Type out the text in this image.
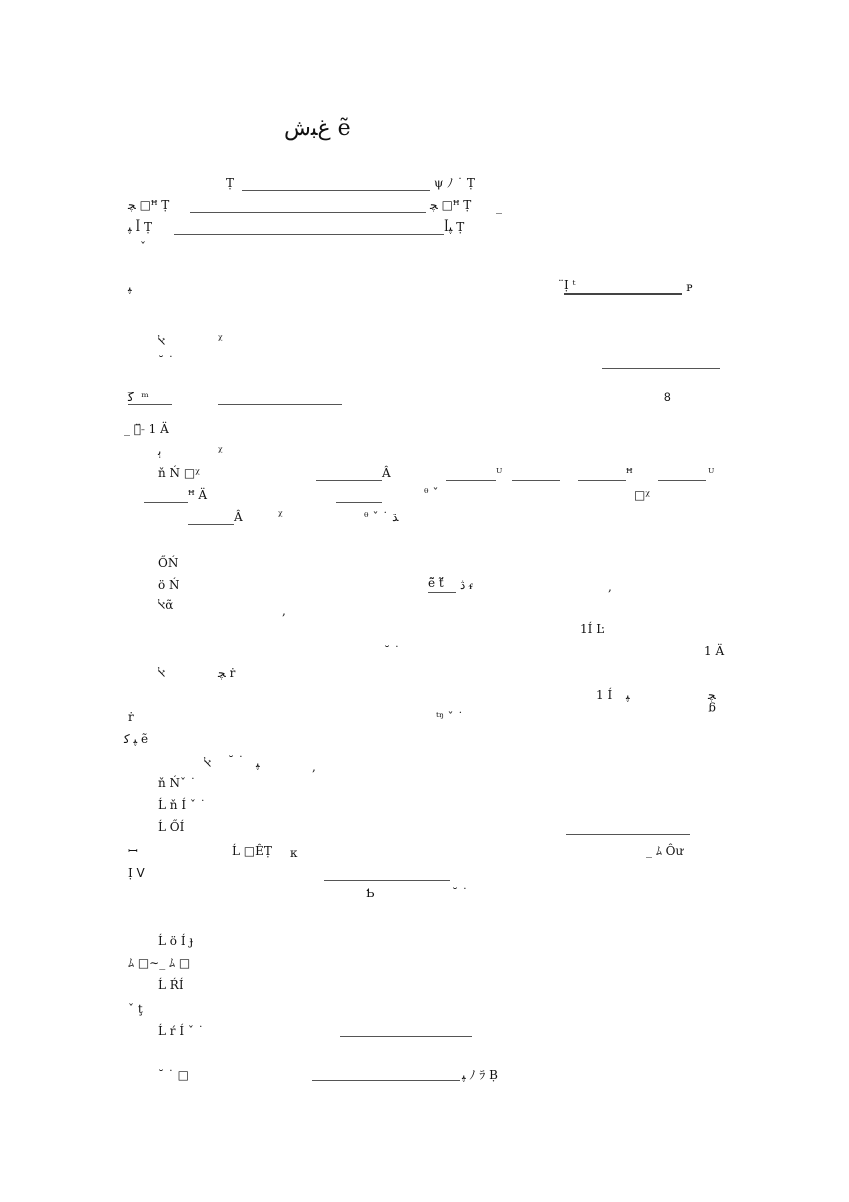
ﻍﺒﺵ ẽ
Ṭ	ψ ﾉ ˙ Ṭ
ﭽ □ꟸ Ṭ	ﭽ □ꟸ Ṭ _
ﭙ ꟾ Ṭ	ꟾﭙ Ṭ
ˇ
ﭙ	̈Ị ᵗ	ᴩ
ﭏ	ᵡ
˘ ˙
ﮐ ̅ ᵐ	8
_ ｙ̈ ̵ 1 Ä
ﭔ	ᵡ
ň Ń □ᵡ	Â	ᵁ	ꟸ	ᵁ
ꟸ Ä	ᶿ ˇ	□ᵡ
Â	ᵡ	ᶿ ˇ ˙ ﮅ
ŐŃ
ö Ń	ẽ̃ ť̃ ﮆ ᵳ	,
ﭏᾶ	,
1Í Ŀ
˘ ˙	1 Ä
ﭏ	ﭽ ṙ
1 Í ﭙ	ﭽ
ᵷ
ṙ	ᵗᵑ ˇ ˙
ﭙ ﮐ ẽ
ﭏ ˘ ˙ ﭙ	,
ň Ńˇ ˙
Ĺ ň Í ˇ ˙
Ĺ ŐÍ
ꟷ	Ĺ □ÊṬ ᴋ	_ ﾑ Ôư
Ị ᐯ
Ƅ	˘ ˙
Ĺ ö Í ɟ
ﾑ □∼_ ﾑ □
Ĺ ŔÍ
ˇ ţ
Ĺ ŕ Í ˇ ˙
˘ ˙ □	ﭙ ﾉ ﾗ Ḅ
